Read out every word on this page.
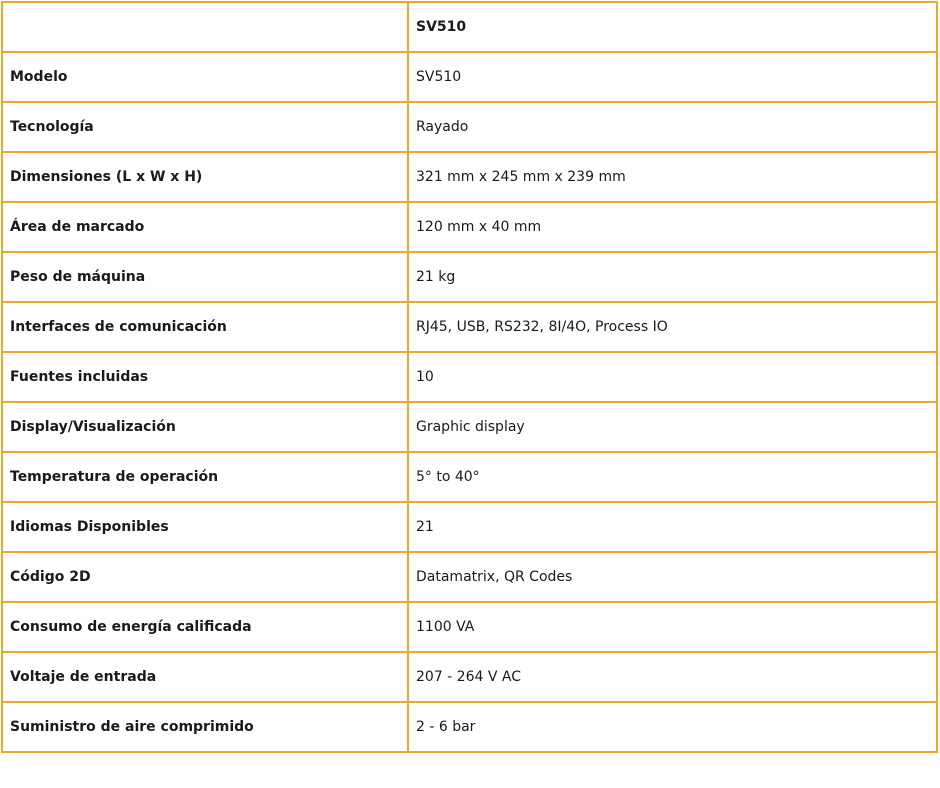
	SV510
Modelo	SV510
Tecnología	Rayado
Dimensiones (L x W x H)	321 mm x 245 mm x 239 mm
Área de marcado	120 mm x 40 mm
Peso de máquina	21 kg
Interfaces de comunicación	RJ45, USB, RS232, 8I/4O, Process IO
Fuentes incluidas	10
Display/Visualización	Graphic display
Temperatura de operación	5° to 40°
Idiomas Disponibles	21
Código 2D	Datamatrix, QR Codes
Consumo de energía calificada	1100 VA
Voltaje de entrada	207 - 264 V AC
Suministro de aire comprimido	2 - 6 bar
